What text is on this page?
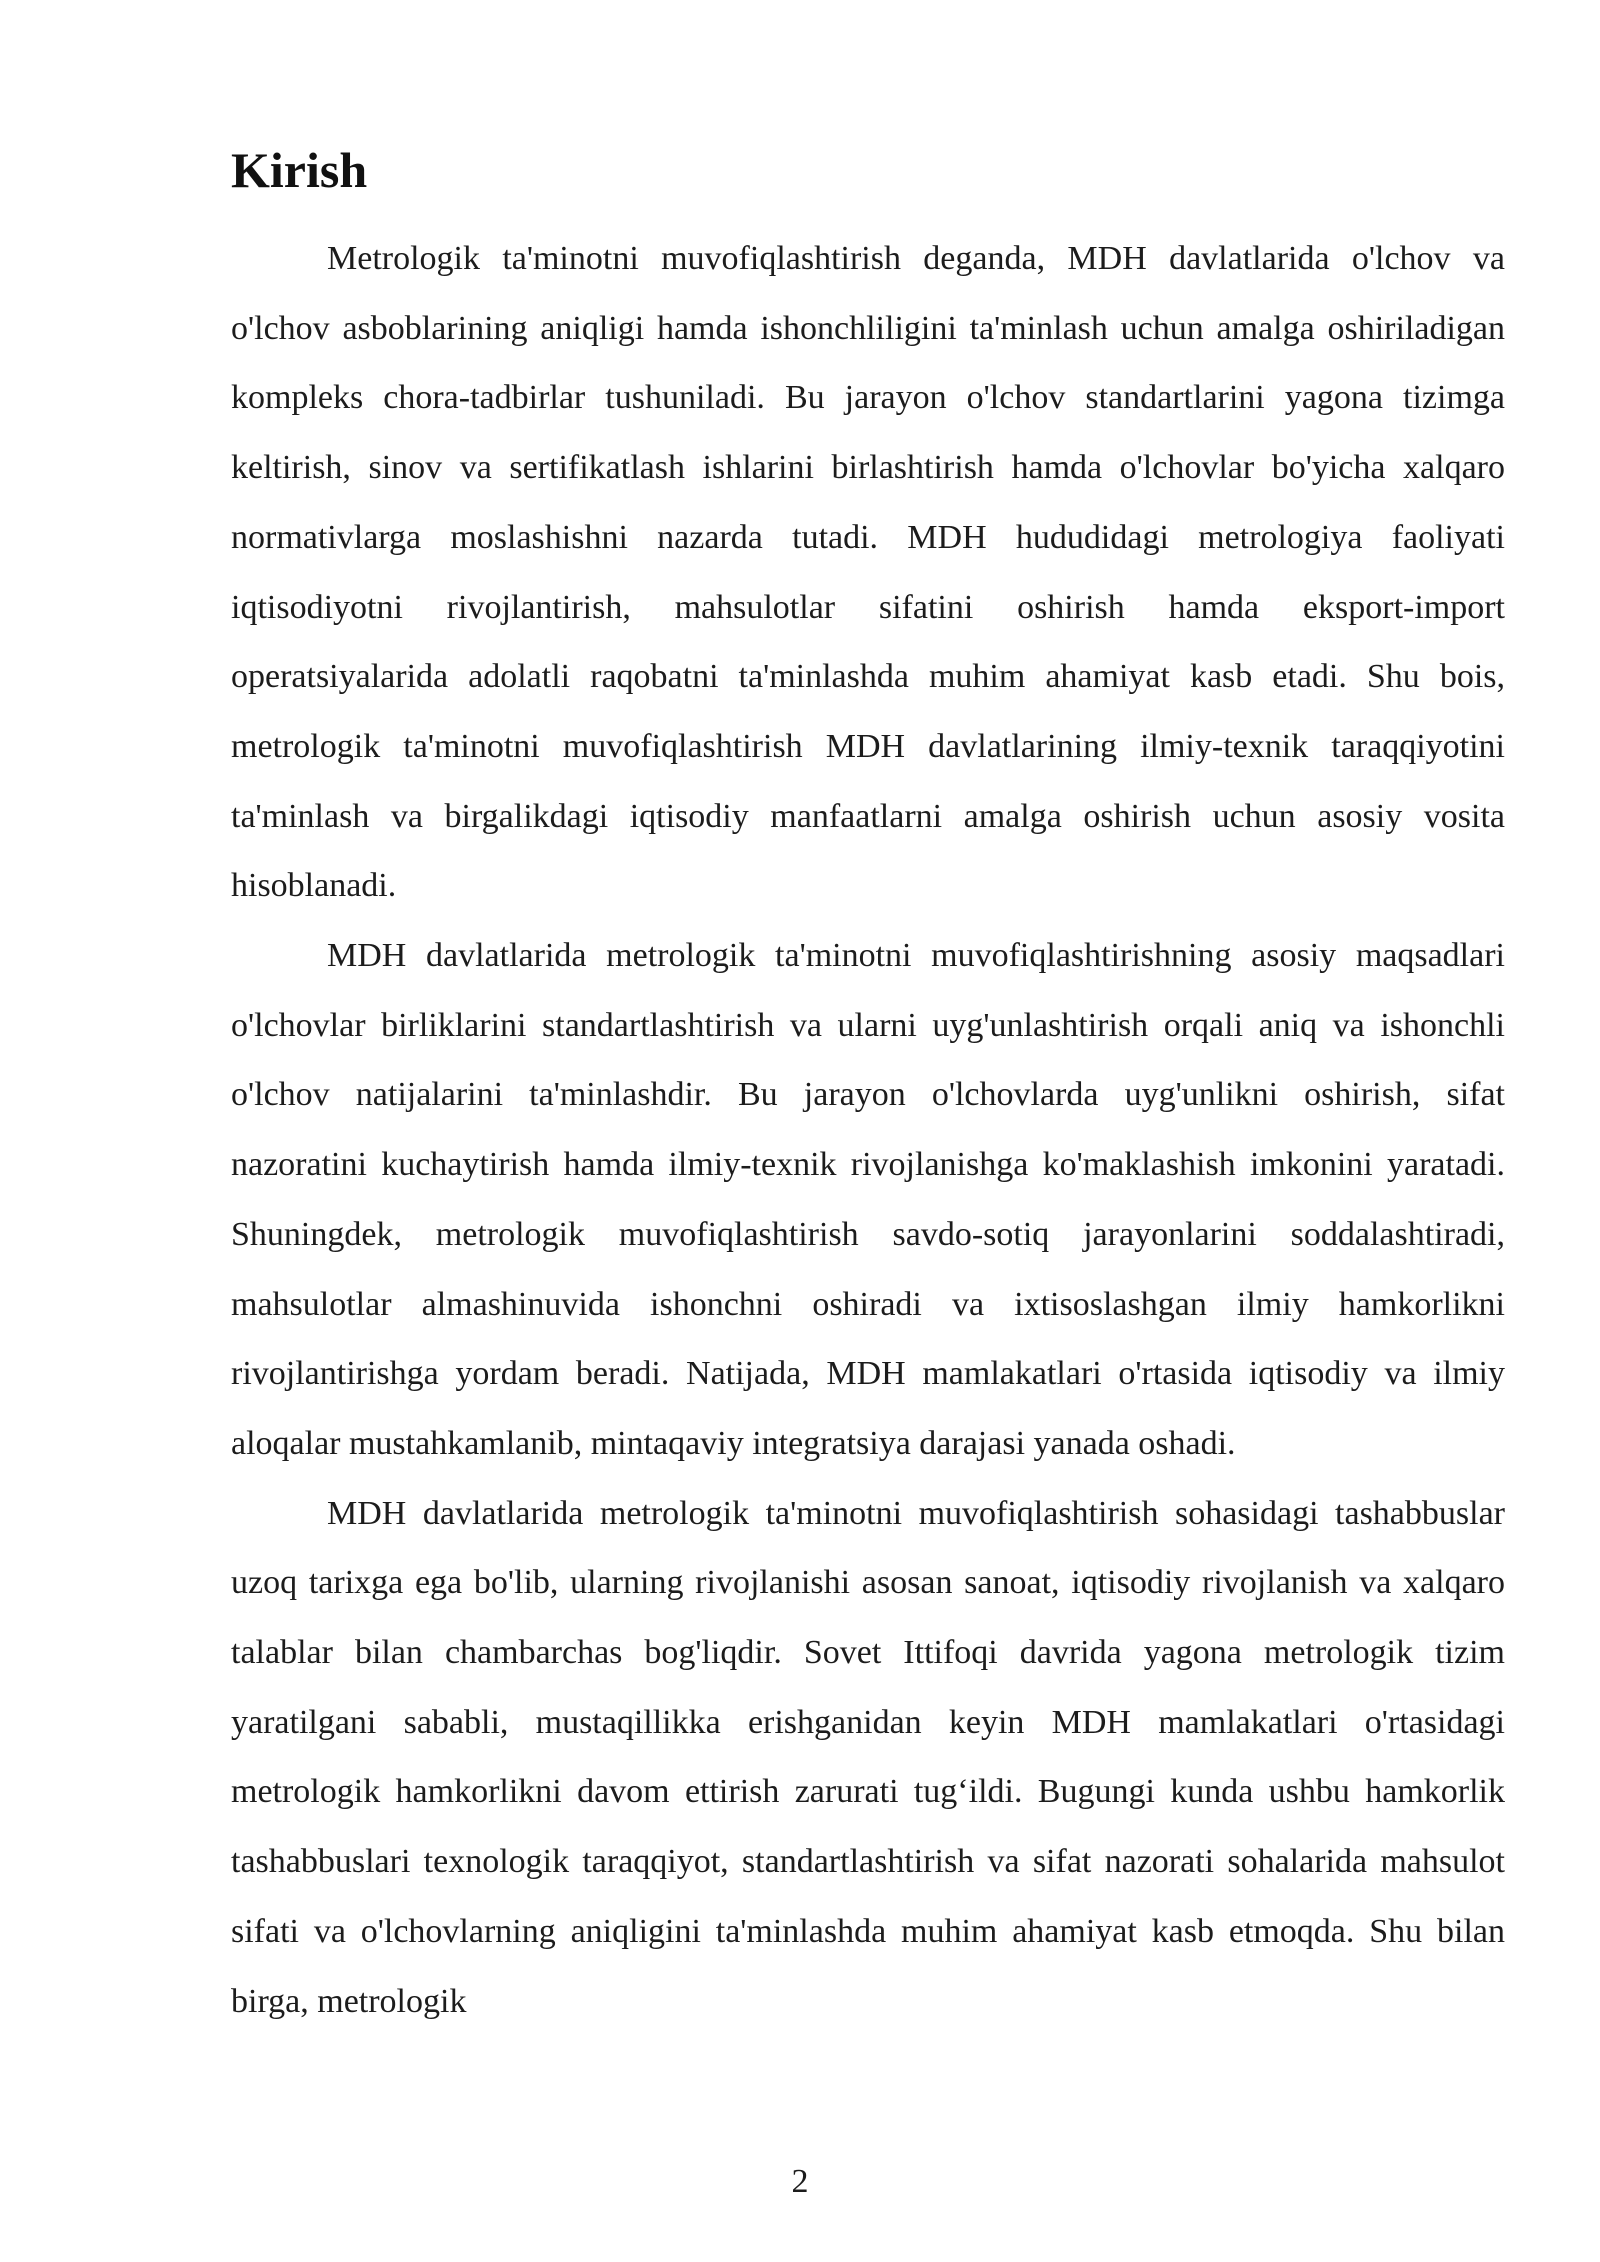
Kirish

Metrologik ta'minotni muvofiqlashtirish deganda, MDH davlatlarida o'lchov va o'lchov asboblarining aniqligi hamda ishonchliligini ta'minlash uchun amalga oshiriladigan kompleks chora-tadbirlar tushuniladi. Bu jarayon o'lchov standartlarini yagona tizimga keltirish, sinov va sertifikatlash ishlarini birlashtirish hamda o'lchovlar bo'yicha xalqaro normativlarga moslashishni nazarda tutadi. MDH hududidagi metrologiya faoliyati iqtisodiyotni rivojlantirish, mahsulotlar sifatini oshirish hamda eksport-import operatsiyalarida adolatli raqobatni ta'minlashda muhim ahamiyat kasb etadi. Shu bois, metrologik ta'minotni muvofiqlashtirish MDH davlatlarining ilmiy-texnik taraqqiyotini ta'minlash va birgalikdagi iqtisodiy manfaatlarni amalga oshirish uchun asosiy vosita hisoblanadi.

MDH davlatlarida metrologik ta'minotni muvofiqlashtirishning asosiy maqsadlari o'lchovlar birliklarini standartlashtirish va ularni uyg'unlashtirish orqali aniq va ishonchli o'lchov natijalarini ta'minlashdir. Bu jarayon o'lchovlarda uyg'unlikni oshirish, sifat nazoratini kuchaytirish hamda ilmiy-texnik rivojlanishga ko'maklashish imkonini yaratadi. Shuningdek, metrologik muvofiqlashtirish savdo-sotiq jarayonlarini soddalashtiradi, mahsulotlar almashinuvida ishonchni oshiradi va ixtisoslashgan ilmiy hamkorlikni rivojlantirishga yordam beradi. Natijada, MDH mamlakatlari o'rtasida iqtisodiy va ilmiy aloqalar mustahkamlanib, mintaqaviy integratsiya darajasi yanada oshadi.

MDH davlatlarida metrologik ta'minotni muvofiqlashtirish sohasidagi tashabbuslar uzoq tarixga ega bo'lib, ularning rivojlanishi asosan sanoat, iqtisodiy rivojlanish va xalqaro talablar bilan chambarchas bog'liqdir. Sovet Ittifoqi davrida yagona metrologik tizim yaratilgani sababli, mustaqillikka erishganidan keyin MDH mamlakatlari o'rtasidagi metrologik hamkorlikni davom ettirish zarurati tug‘ildi. Bugungi kunda ushbu hamkorlik tashabbuslari texnologik taraqqiyot, standartlashtirish va sifat nazorati sohalarida mahsulot sifati va o'lchovlarning aniqligini ta'minlashda muhim ahamiyat kasb etmoqda. Shu bilan birga, metrologik

2
